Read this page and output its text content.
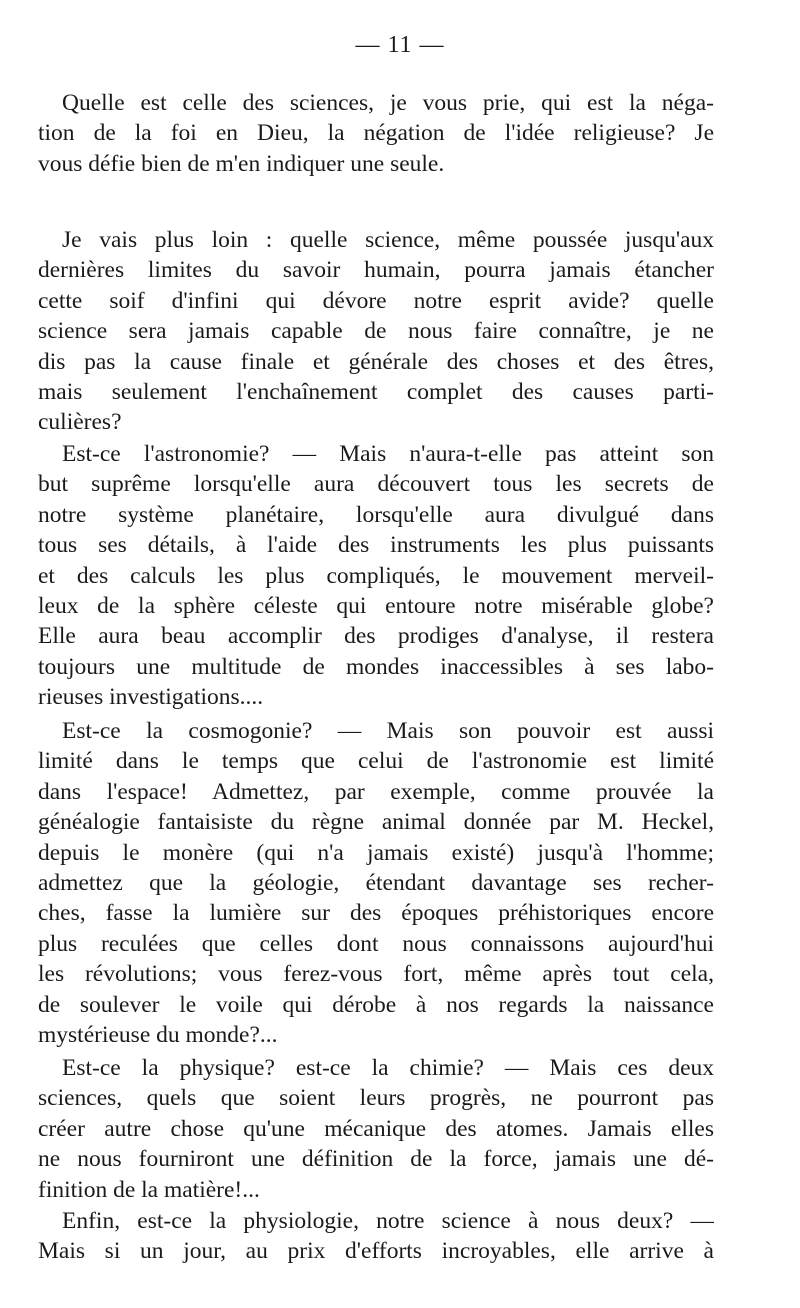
— 11 —
Quelle est celle des sciences, je vous prie, qui est la néga-
tion de la foi en Dieu, la négation de l'idée religieuse? Je
vous défie bien de m'en indiquer une seule.
Je vais plus loin : quelle science, même poussée jusqu'aux
dernières limites du savoir humain, pourra jamais étancher
cette soif d'infini qui dévore notre esprit avide? quelle
science sera jamais capable de nous faire connaître, je ne
dis pas la cause finale et générale des choses et des êtres,
mais seulement l'enchaînement complet des causes parti-
culières?
Est-ce l'astronomie? — Mais n'aura-t-elle pas atteint son
but suprême lorsqu'elle aura découvert tous les secrets de
notre système planétaire, lorsqu'elle aura divulgué dans
tous ses détails, à l'aide des instruments les plus puissants
et des calculs les plus compliqués, le mouvement merveil-
leux de la sphère céleste qui entoure notre misérable globe?
Elle aura beau accomplir des prodiges d'analyse, il restera
toujours une multitude de mondes inaccessibles à ses labo-
rieuses investigations....
Est-ce la cosmogonie? — Mais son pouvoir est aussi
limité dans le temps que celui de l'astronomie est limité
dans l'espace! Admettez, par exemple, comme prouvée la
généalogie fantaisiste du règne animal donnée par M. Heckel,
depuis le monère (qui n'a jamais existé) jusqu'à l'homme;
admettez que la géologie, étendant davantage ses recher-
ches, fasse la lumière sur des époques préhistoriques encore
plus reculées que celles dont nous connaissons aujourd'hui
les révolutions; vous ferez-vous fort, même après tout cela,
de soulever le voile qui dérobe à nos regards la naissance
mystérieuse du monde?...
Est-ce la physique? est-ce la chimie? — Mais ces deux
sciences, quels que soient leurs progrès, ne pourront pas
créer autre chose qu'une mécanique des atomes. Jamais elles
ne nous fourniront une définition de la force, jamais une dé-
finition de la matière!...
Enfin, est-ce la physiologie, notre science à nous deux? —
Mais si un jour, au prix d'efforts incroyables, elle arrive à
